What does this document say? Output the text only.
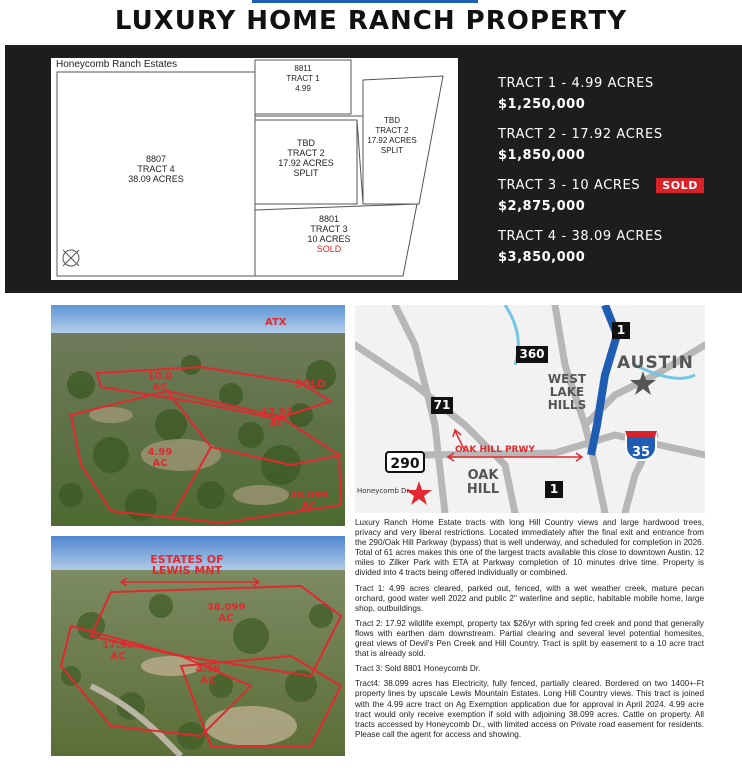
LUXURY HOME RANCH PROPERTY
Honeycomb Ranch Estates	8811
TRACT 1
4.99
TBD
TRACT 2
17.92 ACRES
SPLIT
TBD
TRACT 2
17.92 ACRES
SPLIT
8807
TRACT 4
38.09 ACRES
8801
TRACT 3
10 ACRES
SOLD
TRACT 1 - 4.99 ACRES
$1,250,000
TRACT 2 - 17.92 ACRES
$1,850,000
TRACT 3 - 10 ACRES	SOLD
$2,875,000
TRACT 4 - 38.09 ACRES
$3,850,000
ATX
10.0 AC	SOLD
17.92 AC
4.99 AC
38.099 AC
ESTATES OF LEWIS MNT
38.099 AC
17.92 AC
4.99 AC
AUSTIN
WEST LAKE HILLS
OAK HILL
OAK HILL PRWY
Honeycomb Dr.
1
360
71
290
35
1

Luxury Ranch Home Estate tracts with long Hill Country views and large hardwood trees, privacy and very liberal restrictions. Located immediately after the final exit and entrance from the 290/Oak Hill Parkway (bypass) that is well underway, and scheduled for completion in 2026. Total of 61 acres makes this one of the largest tracts available this close to downtown Austin. 12 miles to Zilker Park with ETA at Parkway completion of 10 minutes drive time. Property is divided into 4 tracts being offered individually or combined.

Tract 1: 4.99 acres cleared, parked out, fenced, with a wet weather creek, mature pecan orchard, good water well 2022 and public 2" waterline and septic, habitable mobile home, large shop, outbuildings.

Tract 2: 17.92 wildlife exempt, property tax $26/yr with spring fed creek and pond that generally flows with earthen dam downstream. Partial clearing and several level potential homesites, great views of Devil's Pen Creek and Hill Country. Tract is split by easement to a 10 acre tract that is already sold.

Tract 3: Sold 8801 Honeycomb Dr.

Tract4: 38.099 acres has Electricity, fully fenced, partially cleared. Bordered on two 1400+-Ft property lines by upscale Lewis Mountain Estates. Long Hill Country views. This tract is joined with the 4.99 acre tract on Ag Exemption application due for approval in April 2024. 4.99 acre tract would only receive exemption if sold with adjoining 38.099 acres. Cattle on property. All tracts accessed by Honeycomb Dr., with limited access on Private road easement for residents. Please call the agent for access and showing.
